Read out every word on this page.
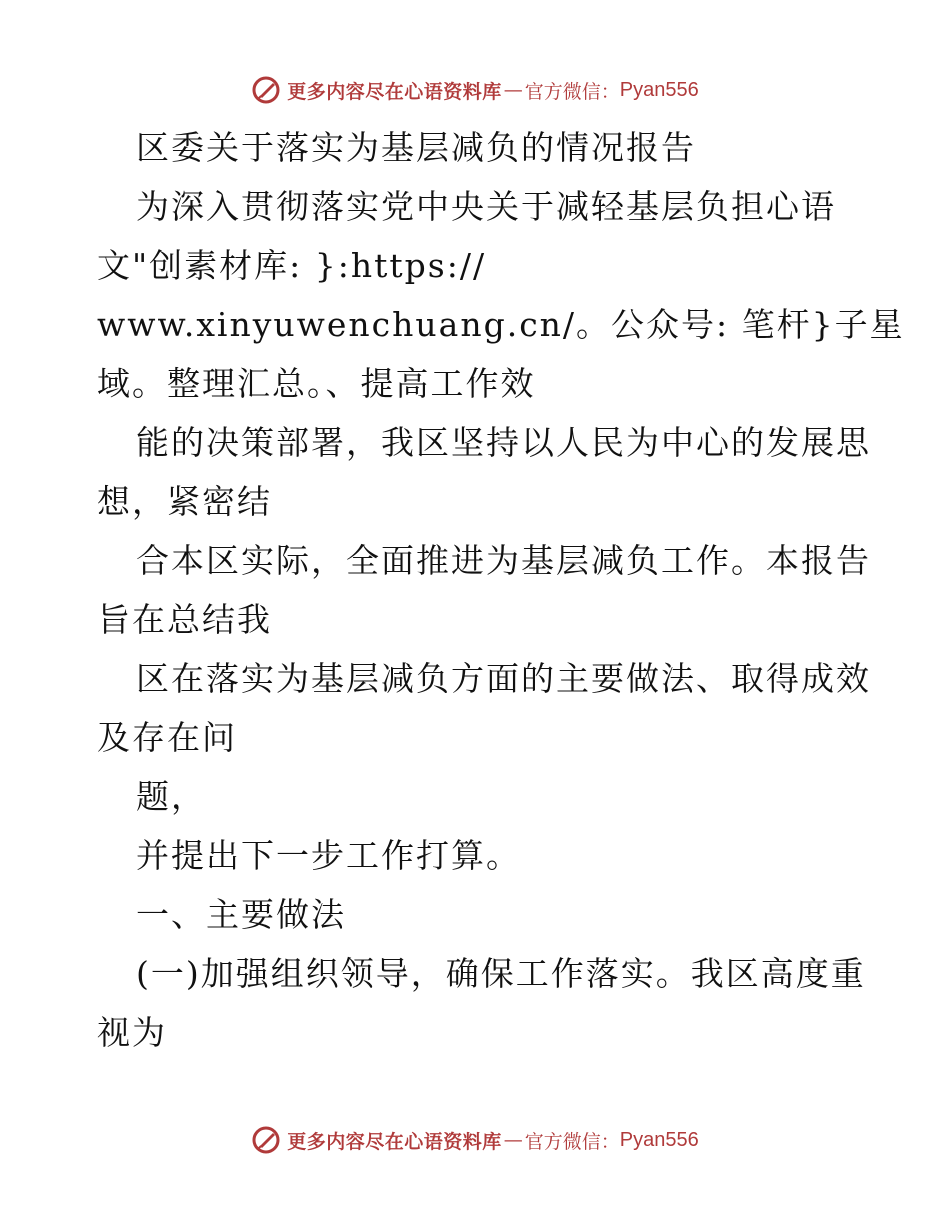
更多内容尽在心语资料库 — 官方微信： Pyan556
区委关于落实为基层减负的情况报告
为深入贯彻落实党中央关于减轻基层负担心语
文"创素材库: }:https://
www.xinyuwenchuang.cn/。公众号: 笔杆}子星
域。整理汇总。、提高工作效
能的决策部署，我区坚持以人民为中心的发展思
想，紧密结
合本区实际，全面推进为基层减负工作。本报告
旨在总结我
区在落实为基层减负方面的主要做法、取得成效
及存在问
题，
并提出下一步工作打算。
一、主要做法
(一)加强组织领导，确保工作落实。我区高度重
视为
更多内容尽在心语资料库 — 官方微信： Pyan556
